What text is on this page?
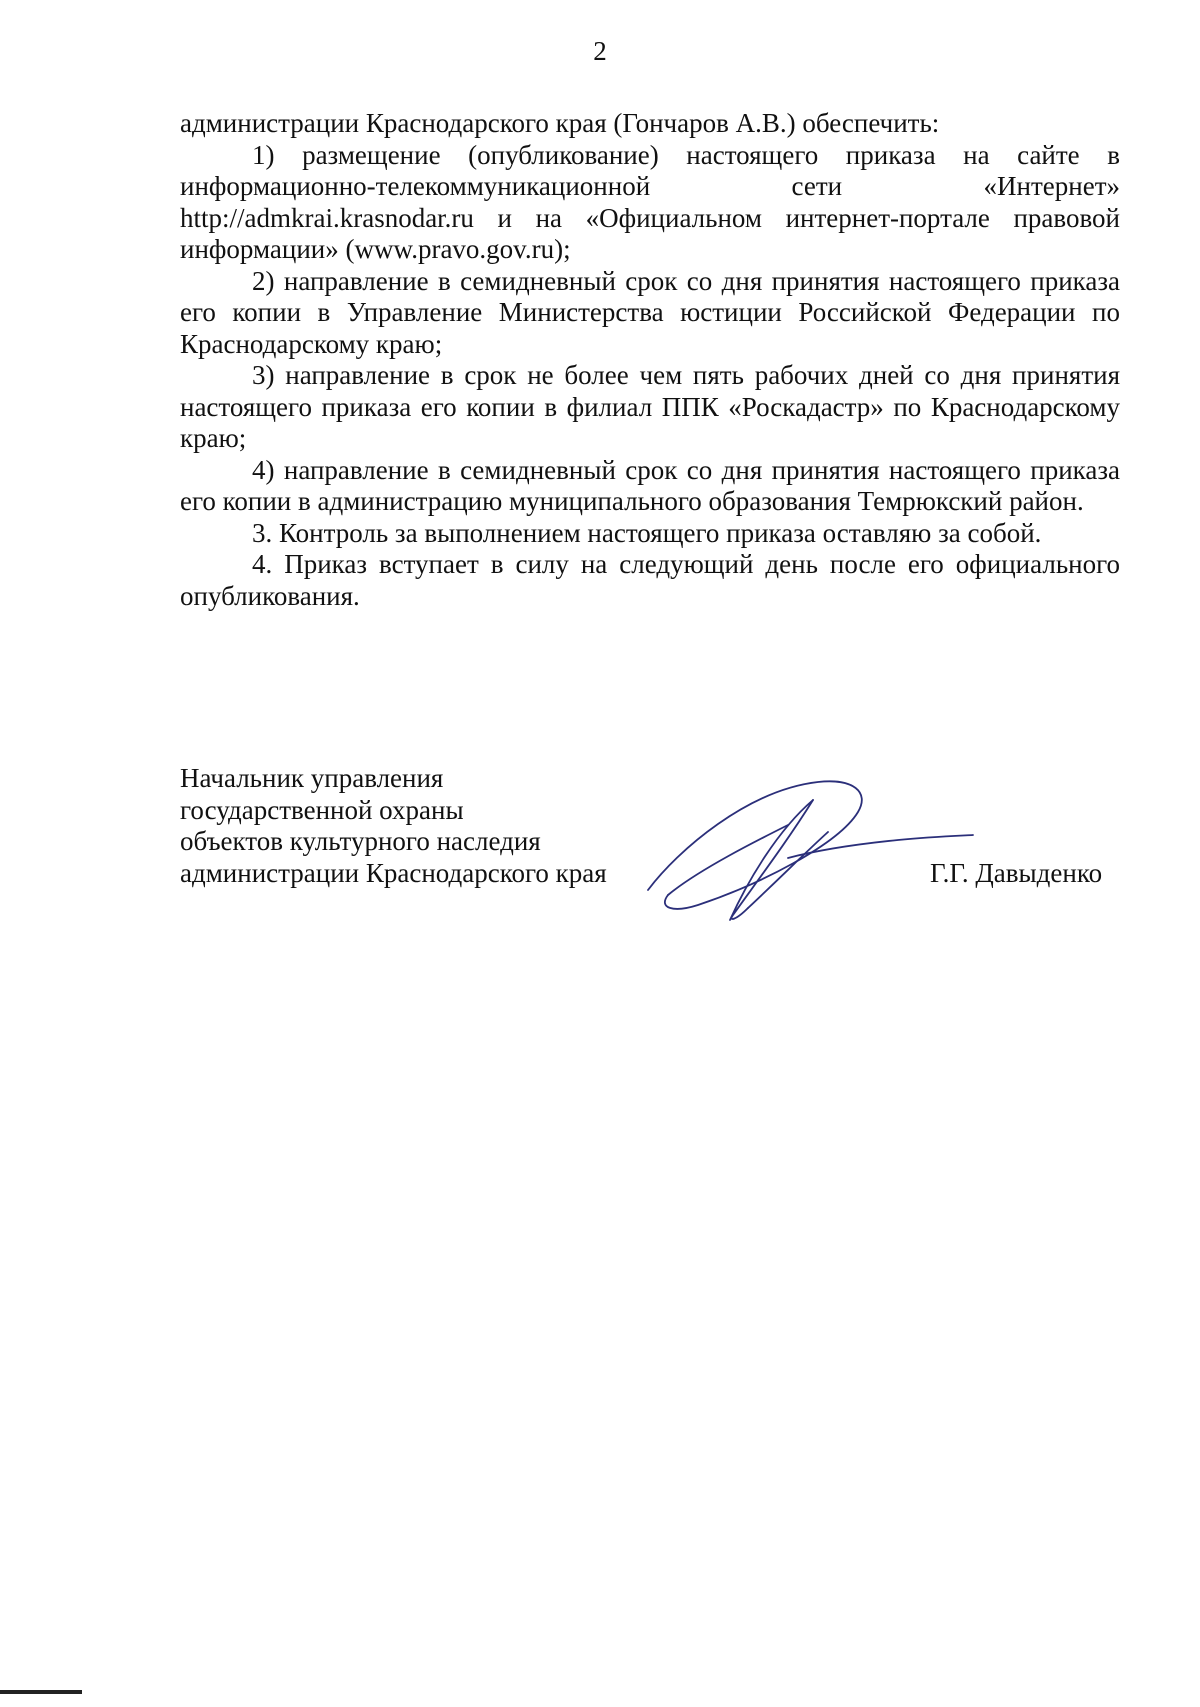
2

администрации Краснодарского края (Гончаров А.В.) обеспечить:

1) размещение (опубликование) настоящего приказа на сайте в информационно-телекоммуникационной сети «Интернет» http://admkrai.krasnodar.ru и на «Официальном интернет-портале правовой информации» (www.pravo.gov.ru);

2) направление в семидневный срок со дня принятия настоящего приказа его копии в Управление Министерства юстиции Российской Федерации по Краснодарскому краю;

3) направление в срок не более чем пять рабочих дней со дня принятия настоящего приказа его копии в филиал ППК «Роскадастр» по Краснодарскому краю;

4) направление в семидневный срок со дня принятия настоящего приказа его копии в администрацию муниципального образования Темрюкский район.

3. Контроль за выполнением настоящего приказа оставляю за собой.

4. Приказ вступает в силу на следующий день после его официального опубликования.

Начальник управления
государственной охраны
объектов культурного наследия
администрации Краснодарского края	Г.Г. Давыденко
